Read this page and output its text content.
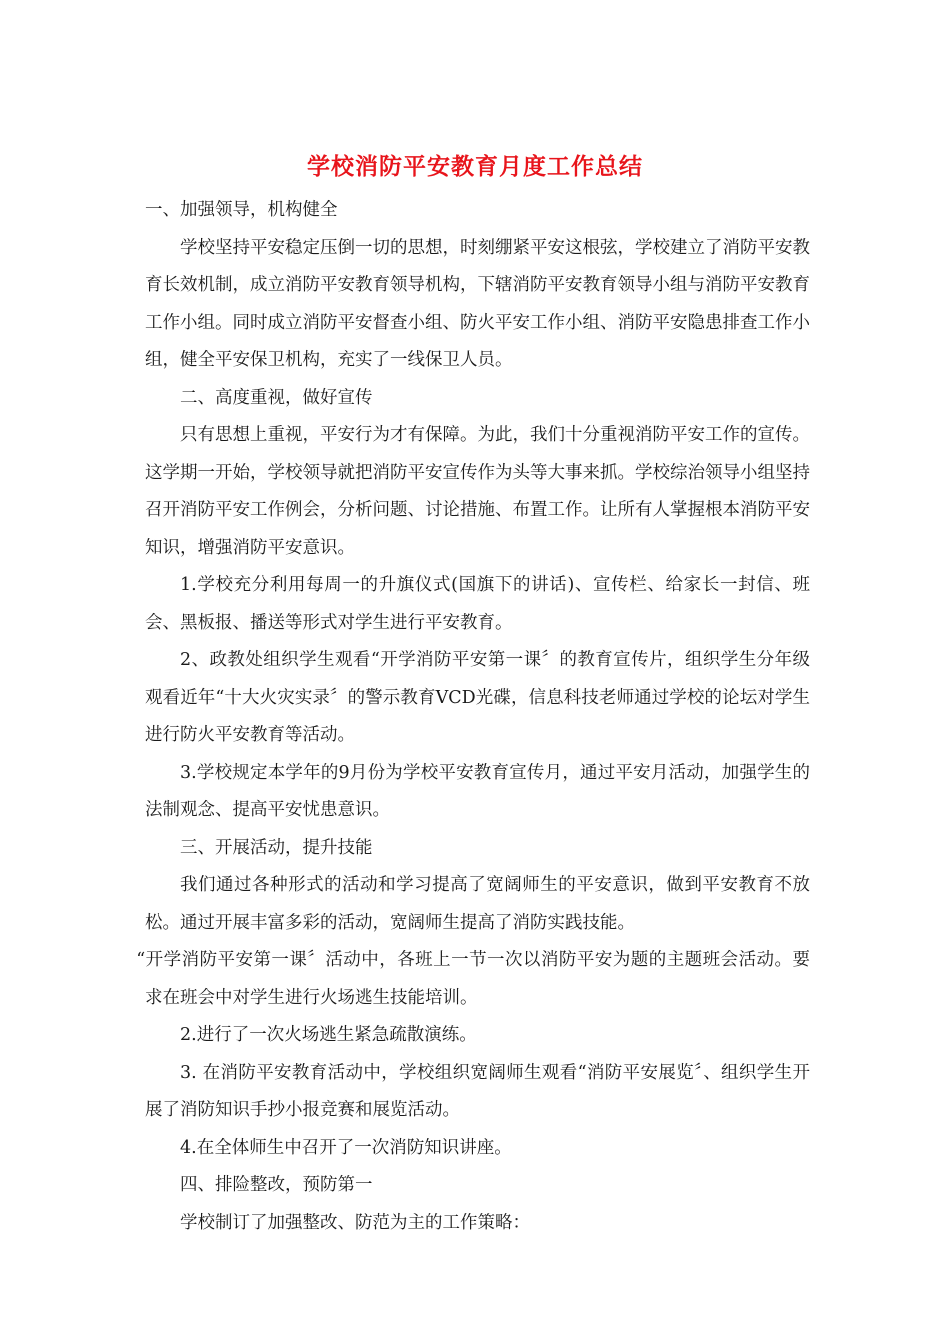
学校消防平安教育月度工作总结

一、加强领导，机构健全

学校坚持平安稳定压倒一切的思想，时刻绷紧平安这根弦，学校建立了消防平安教育长效机制，成立消防平安教育领导机构，下辖消防平安教育领导小组与消防平安教育工作小组。同时成立消防平安督查小组、防火平安工作小组、消防平安隐患排查工作小组，健全平安保卫机构，充实了一线保卫人员。

二、高度重视，做好宣传

只有思想上重视，平安行为才有保障。为此，我们十分重视消防平安工作的宣传。这学期一开始，学校领导就把消防平安宣传作为头等大事来抓。学校综治领导小组坚持召开消防平安工作例会，分析问题、讨论措施、布置工作。让所有人掌握根本消防平安知识，增强消防平安意识。

1.学校充分利用每周一的升旗仪式(国旗下的讲话)、宣传栏、给家长一封信、班会、黑板报、播送等形式对学生进行平安教育。

2、政教处组织学生观看“开学消防平安第一课〞的教育宣传片，组织学生分年级观看近年“十大火灾实录〞的警示教育VCD光碟，信息科技老师通过学校的论坛对学生进行防火平安教育等活动。

3.学校规定本学年的9月份为学校平安教育宣传月，通过平安月活动，加强学生的法制观念、提高平安忧患意识。

三、开展活动，提升技能

我们通过各种形式的活动和学习提高了宽阔师生的平安意识，做到平安教育不放松。通过开展丰富多彩的活动，宽阔师生提高了消防实践技能。

“开学消防平安第一课〞活动中，各班上一节一次以消防平安为题的主题班会活动。要求在班会中对学生进行火场逃生技能培训。

2.进行了一次火场逃生紧急疏散演练。

3. 在消防平安教育活动中，学校组织宽阔师生观看“消防平安展览〞、组织学生开展了消防知识手抄小报竞赛和展览活动。

4.在全体师生中召开了一次消防知识讲座。

四、排险整改，预防第一

学校制订了加强整改、防范为主的工作策略：
